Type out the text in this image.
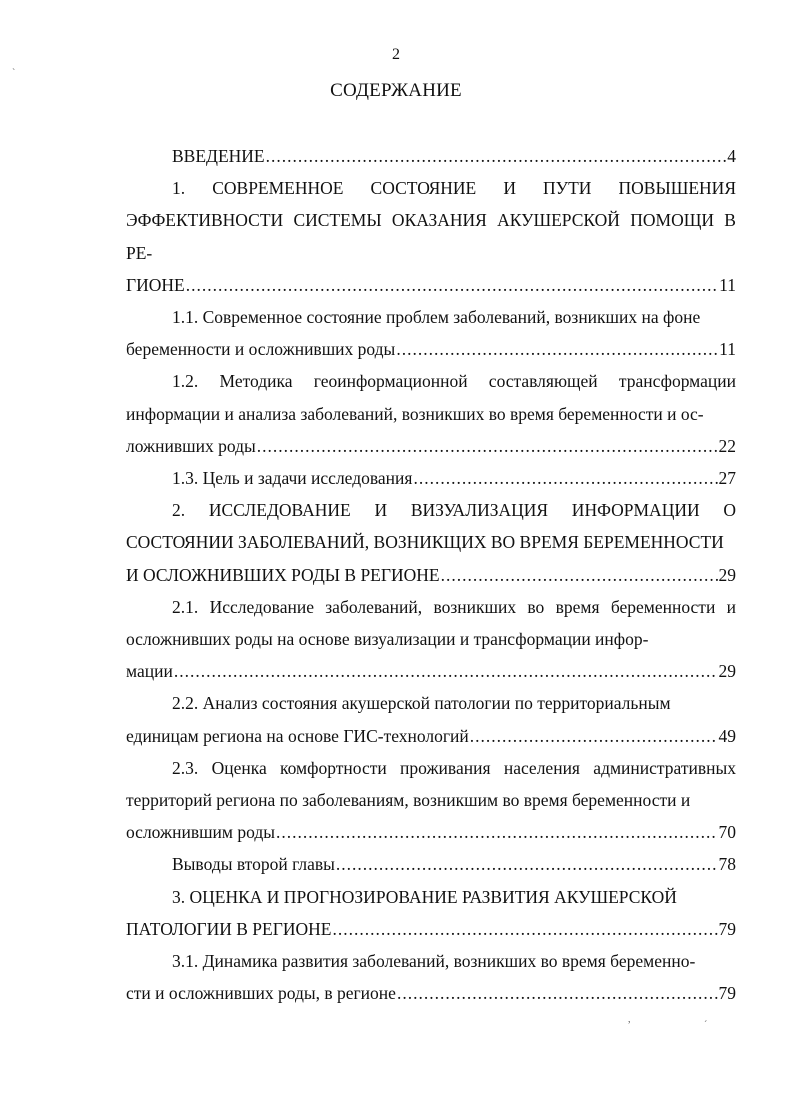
2
СОДЕРЖАНИЕ
ВВЕДЕНИЕ .....	4
1. СОВРЕМЕННОЕ СОСТОЯНИЕ И ПУТИ ПОВЫШЕНИЯ ЭФФЕКТИВНОСТИ СИСТЕМЫ ОКАЗАНИЯ АКУШЕРСКОЙ ПОМОЩИ В РЕ-
ГИОНЕ .....	11
1.1. Современное состояние проблем заболеваний, возникших на фоне
беременности и осложнивших роды .....	11
1.2. Методика геоинформационной составляющей трансформации информации и анализа заболеваний, возникших во время беременности и ос-
ложнивших роды .....	22
1.3. Цель и задачи исследования .....	27
2. ИССЛЕДОВАНИЕ И ВИЗУАЛИЗАЦИЯ ИНФОРМАЦИИ О СОСТОЯНИИ ЗАБОЛЕВАНИЙ, ВОЗНИКЩИХ ВО ВРЕМЯ БЕРЕМЕННОСТИ
И ОСЛОЖНИВШИХ РОДЫ В РЕГИОНЕ .....	29
2.1. Исследование заболеваний, возникших во время беременности и осложнивших роды на основе визуализации и трансформации инфор-
мации .....	29
2.2. Анализ состояния акушерской патологии по территориальным
единицам региона на основе ГИС-технологий .....	49
2.3. Оценка комфортности проживания населения административных территорий региона по заболеваниям, возникшим во время беременности и
осложнившим роды .....	70
Выводы второй главы .....	78
3. ОЦЕНКА И ПРОГНОЗИРОВАНИЕ РАЗВИТИЯ АКУШЕРСКОЙ
ПАТОЛОГИИ В РЕГИОНЕ .....	79
3.1. Динамика развития заболеваний, возникших во время беременно-
сти и осложнивших роды, в регионе .....	79
`
,
´
